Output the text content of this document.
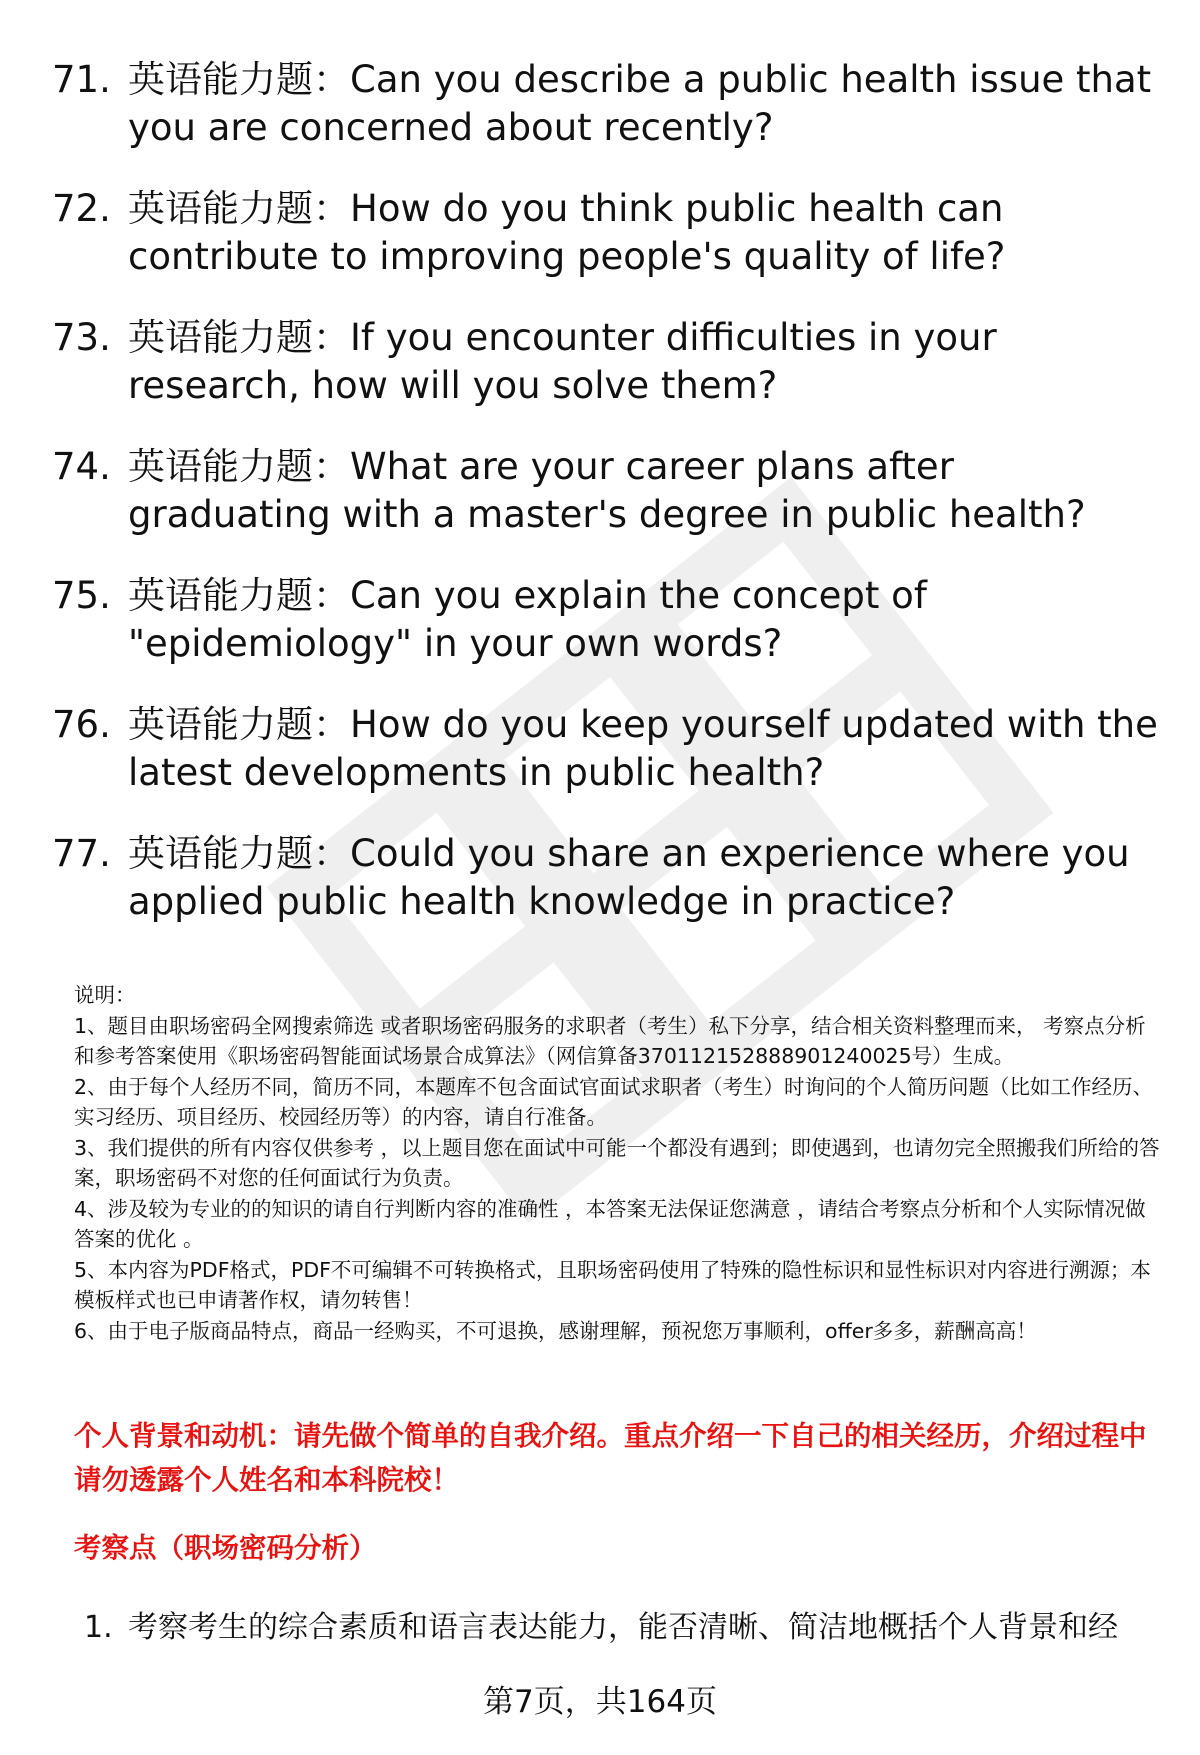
71. 英语能力题：Can you describe a public health issue that you are concerned about recently?
72. 英语能力题：How do you think public health can contribute to improving people's quality of life?
73. 英语能力题：If you encounter difficulties in your research, how will you solve them?
74. 英语能力题：What are your career plans after graduating with a master's degree in public health?
75. 英语能力题：Can you explain the concept of "epidemiology" in your own words?
76. 英语能力题：How do you keep yourself updated with the latest developments in public health?
77. 英语能力题：Could you share an experience where you applied public health knowledge in practice?

说明：

1、题目由职场密码全网搜索筛选 或者职场密码服务的求职者（考生）私下分享，结合相关资料整理而来， 考察点分析和参考答案使用《职场密码智能面试场景合成算法》（网信算备370112152888901240025号）生成。

2、由于每个人经历不同，简历不同，本题库不包含面试官面试求职者（考生）时询问的个人简历问题（比如工作经历、实习经历、项目经历、校园经历等）的内容，请自行准备。

3、我们提供的所有内容仅供参考 ，以上题目您在面试中可能一个都没有遇到；即使遇到，也请勿完全照搬我们所给的答案，职场密码不对您的任何面试行为负责。

4、涉及较为专业的的知识的请自行判断内容的准确性 ，本答案无法保证您满意 ，请结合考察点分析和个人实际情况做答案的优化 。

5、本内容为PDF格式，PDF不可编辑不可转换格式，且职场密码使用了特殊的隐性标识和显性标识对内容进行溯源；本模板样式也已申请著作权，请勿转售！

6、由于电子版商品特点，商品一经购买，不可退换，感谢理解，预祝您万事顺利，offer多多，薪酬高高！

个人背景和动机：请先做个简单的自我介绍。重点介绍一下自己的相关经历，介绍过程中请勿透露个人姓名和本科院校！
考察点（职场密码分析）
1. 考察考生的综合素质和语言表达能力，能否清晰、简洁地概括个人背景和经
第7页，共164页
